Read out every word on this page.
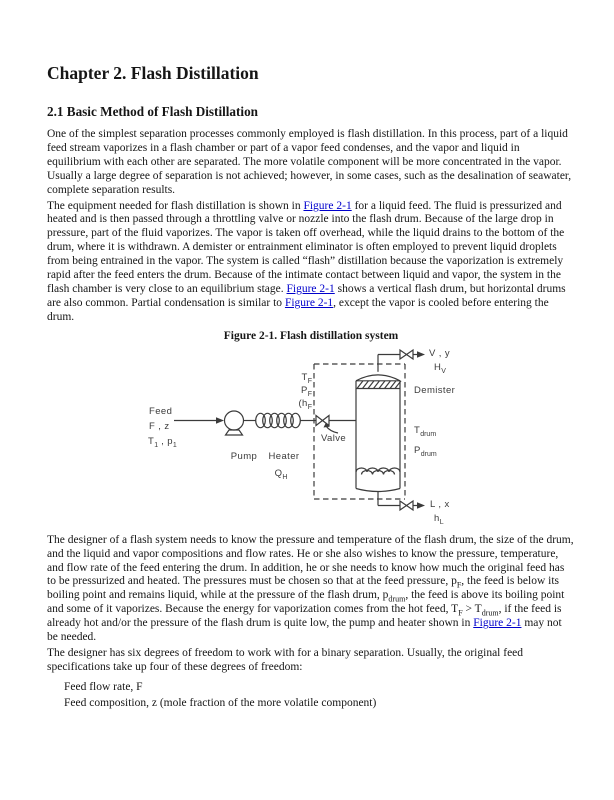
Chapter 2. Flash Distillation
2.1 Basic Method of Flash Distillation

One of the simplest separation processes commonly employed is flash distillation. In this process, part of a liquid feed stream vaporizes in a flash chamber or part of a vapor feed condenses, and the vapor and liquid in equilibrium with each other are separated. The more volatile component will be more concentrated in the vapor. Usually a large degree of separation is not achieved; however, in some cases, such as the desalination of seawater, complete separation results.

The equipment needed for flash distillation is shown in Figure 2-1 for a liquid feed. The fluid is pressurized and heated and is then passed through a throttling valve or nozzle into the flash drum. Because of the large drop in pressure, part of the fluid vaporizes. The vapor is taken off overhead, while the liquid drains to the bottom of the drum, where it is withdrawn. A demister or entrainment eliminator is often employed to prevent liquid droplets from being entrained in the vapor. The system is called “flash” distillation because the vaporization is extremely rapid after the feed enters the drum. Because of the intimate contact between liquid and vapor, the system in the flash chamber is very close to an equilibrium stage. Figure 2-1 shows a vertical flash drum, but horizontal drums are also common. Partial condensation is similar to Figure 2-1, except the vapor is cooled before entering the drum.

Figure 2-1. Flash distillation system
Feed
F , z
$T_1$ , $p_1$
Pump	Heater
$Q_H$
$T_F$
$P_F$
($h_F$
Valve
Demister
V , y
$H_V$
$T_{drum}$
$P_{drum}$
L , x
$h_L$

The designer of a flash system needs to know the pressure and temperature of the flash drum, the size of the drum, and the liquid and vapor compositions and flow rates. He or she also wishes to know the pressure, temperature, and flow rate of the feed entering the drum. In addition, he or she needs to know how much the original feed has to be pressurized and heated. The pressures must be chosen so that at the feed pressure, $p_F$, the feed is below its boiling point and remains liquid, while at the pressure of the flash drum, $p_{drum}$, the feed is above its boiling point and some of it vaporizes. Because the energy for vaporization comes from the hot feed, $T_F > T_{drum}$, if the feed is already hot and/or the pressure of the flash drum is quite low, the pump and heater shown in Figure 2-1 may not be needed.

The designer has six degrees of freedom to work with for a binary separation. Usually, the original feed specifications take up four of these degrees of freedom:

Feed flow rate, F
Feed composition, z (mole fraction of the more volatile component)
